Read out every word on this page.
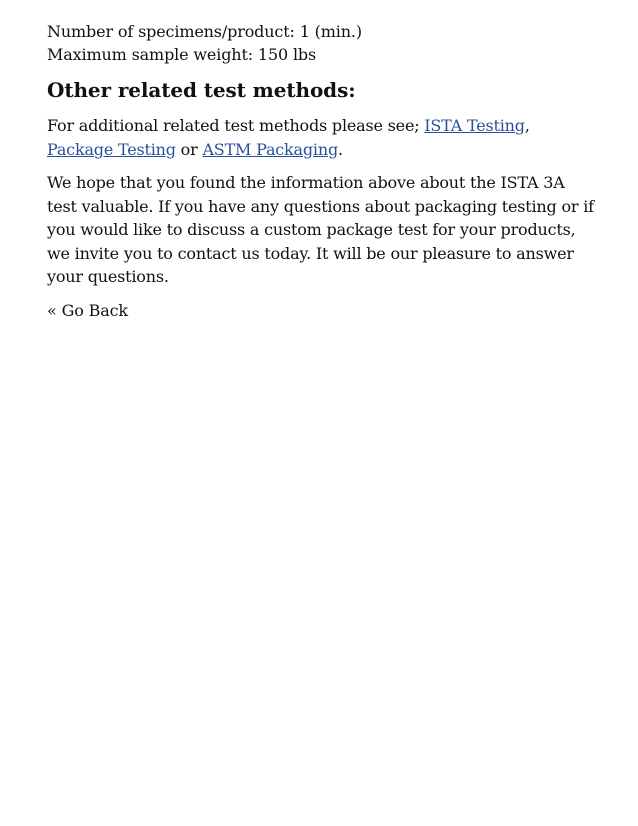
Number of specimens/product: 1 (min.)

Maximum sample weight: 150 lbs

Other related test methods:

For additional related test methods please see; ISTA Testing, Package Testing or ASTM Packaging.

We hope that you found the information above about the ISTA 3A test valuable. If you have any questions about packaging testing or if you would like to discuss a custom package test for your products, we invite you to contact us today. It will be our pleasure to answer your questions.

« Go Back
